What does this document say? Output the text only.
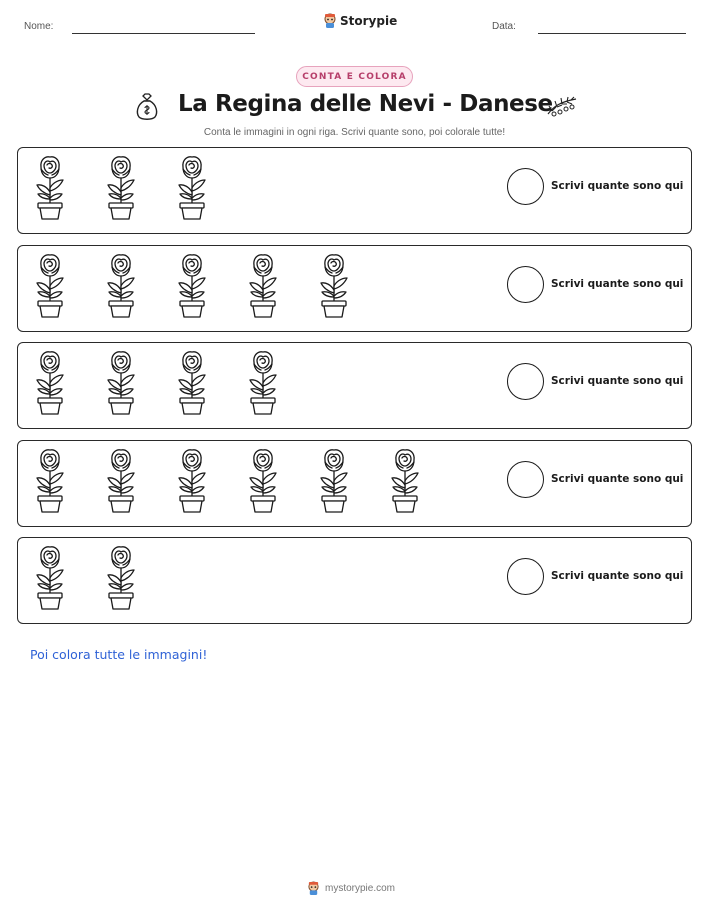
Nome:	Storypie	Data:
CONTA E COLORA
La Regina delle Nevi - Danese
Conta le immagini in ogni riga. Scrivi quante sono, poi colorale tutte!
Scrivi quante sono qui
Scrivi quante sono qui
Scrivi quante sono qui
Scrivi quante sono qui
Scrivi quante sono qui
Poi colora tutte le immagini!
mystorypie.com
